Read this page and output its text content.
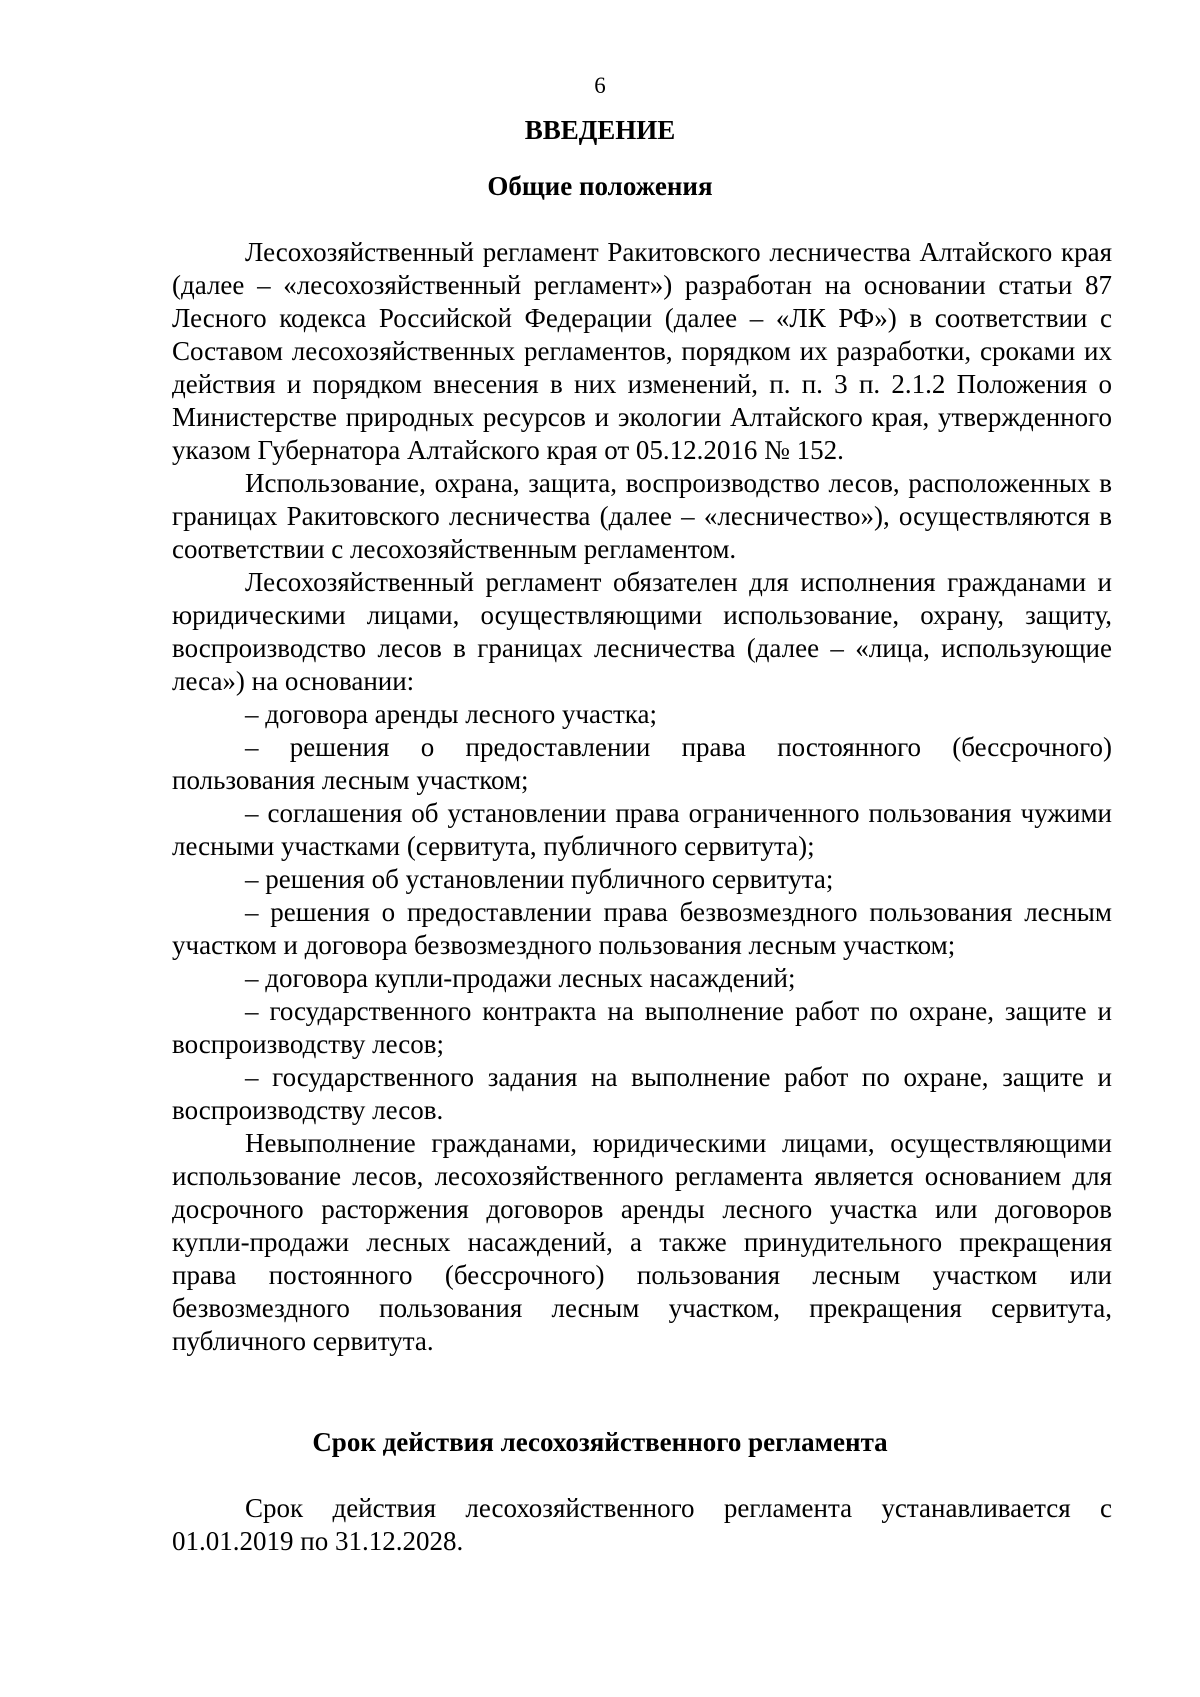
6
ВВЕДЕНИЕ
Общие положения

Лесохозяйственный регламент Ракитовского лесничества Алтайского края (далее – «лесохозяйственный регламент») разработан на основании статьи 87 Лесного кодекса Российской Федерации (далее – «ЛК РФ») в соответствии с Составом лесохозяйственных регламентов, порядком их разработки, сроками их действия и порядком внесения в них изменений, п. п. 3 п. 2.1.2 Положения о Министерстве природных ресурсов и экологии Алтайского края, утвержденного указом Губернатора Алтайского края от 05.12.2016 № 152.

Использование, охрана, защита, воспроизводство лесов, расположенных в границах Ракитовского лесничества (далее – «лесничество»), осуществляются в соответствии с лесохозяйственным регламентом.

Лесохозяйственный регламент обязателен для исполнения гражданами и юридическими лицами, осуществляющими использование, охрану, защиту, воспроизводство лесов в границах лесничества (далее – «лица, использующие леса») на основании:

– договора аренды лесного участка;

– решения о предоставлении права постоянного (бессрочного) пользования лесным участком;

– соглашения об установлении права ограниченного пользования чужими лесными участками (сервитута, публичного сервитута);

– решения об установлении публичного сервитута;

– решения о предоставлении права безвозмездного пользования лесным участком и договора безвозмездного пользования лесным участком;

– договора купли-продажи лесных насаждений;

– государственного контракта на выполнение работ по охране, защите и воспроизводству лесов;

– государственного задания на выполнение работ по охране, защите и воспроизводству лесов.

Невыполнение гражданами, юридическими лицами, осуществляющими использование лесов, лесохозяйственного регламента является основанием для досрочного расторжения договоров аренды лесного участка или договоров купли-продажи лесных насаждений, а также принудительного прекращения права постоянного (бессрочного) пользования лесным участком или безвозмездного пользования лесным участком, прекращения сервитута, публичного сервитута.

Срок действия лесохозяйственного регламента

Срок действия лесохозяйственного регламента устанавливается с 01.01.2019 по 31.12.2028.
